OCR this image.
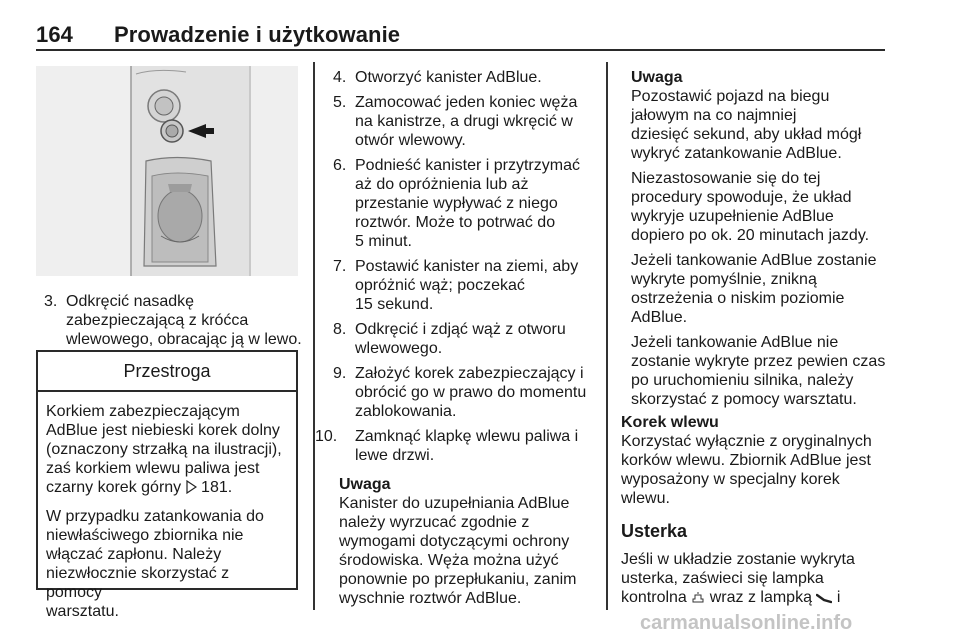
164 Prowadzenie i użytkowanie
3. Odkręcić nasadkę
zabezpieczającą z króćca
wlewowego, obracając ją w lewo.
Przestroga
Korkiem zabezpieczającym
AdBlue jest niebieski korek dolny
(oznaczony strzałką na ilustracji),
zaś korkiem wlewu paliwa jest
czarny korek górny  181.
W przypadku zatankowania do
niewłaściwego zbiornika nie
włączać zapłonu. Należy
niezwłocznie skorzystać z pomocy
warsztatu.
4. Otworzyć kanister AdBlue.
5. Zamocować jeden koniec węża
na kanistrze, a drugi wkręcić w
otwór wlewowy.
6. Podnieść kanister i przytrzymać
aż do opróżnienia lub aż
przestanie wypływać z niego
roztwór. Może to potrwać do
5 minut.
7. Postawić kanister na ziemi, aby
opróżnić wąż; poczekać
15 sekund.
8. Odkręcić i zdjąć wąż z otworu
wlewowego.
9. Założyć korek zabezpieczający i
obrócić go w prawo do momentu
zablokowania.
10. Zamknąć klapkę wlewu paliwa i
lewe drzwi.
Uwaga
Kanister do uzupełniania AdBlue
należy wyrzucać zgodnie z
wymogami dotyczącymi ochrony
środowiska. Węża można użyć
ponownie po przepłukaniu, zanim
wyschnie roztwór AdBlue.
Uwaga
Pozostawić pojazd na biegu
jałowym na co najmniej
dziesięć sekund, aby układ mógł
wykryć zatankowanie AdBlue.
Niezastosowanie się do tej
procedury spowoduje, że układ
wykryje uzupełnienie AdBlue
dopiero po ok. 20 minutach jazdy.
Jeżeli tankowanie AdBlue zostanie
wykryte pomyślnie, znikną
ostrzeżenia o niskim poziomie
AdBlue.
Jeżeli tankowanie AdBlue nie
zostanie wykryte przez pewien czas
po uruchomieniu silnika, należy
skorzystać z pomocy warsztatu.
Korek wlewu
Korzystać wyłącznie z oryginalnych
korków wlewu. Zbiornik AdBlue jest
wyposażony w specjalny korek
wlewu.
Usterka
Jeśli w układzie zostanie wykryta
usterka, zaświeci się lampka
kontrolna  wraz z lampką  i
carmanualsonline.info
